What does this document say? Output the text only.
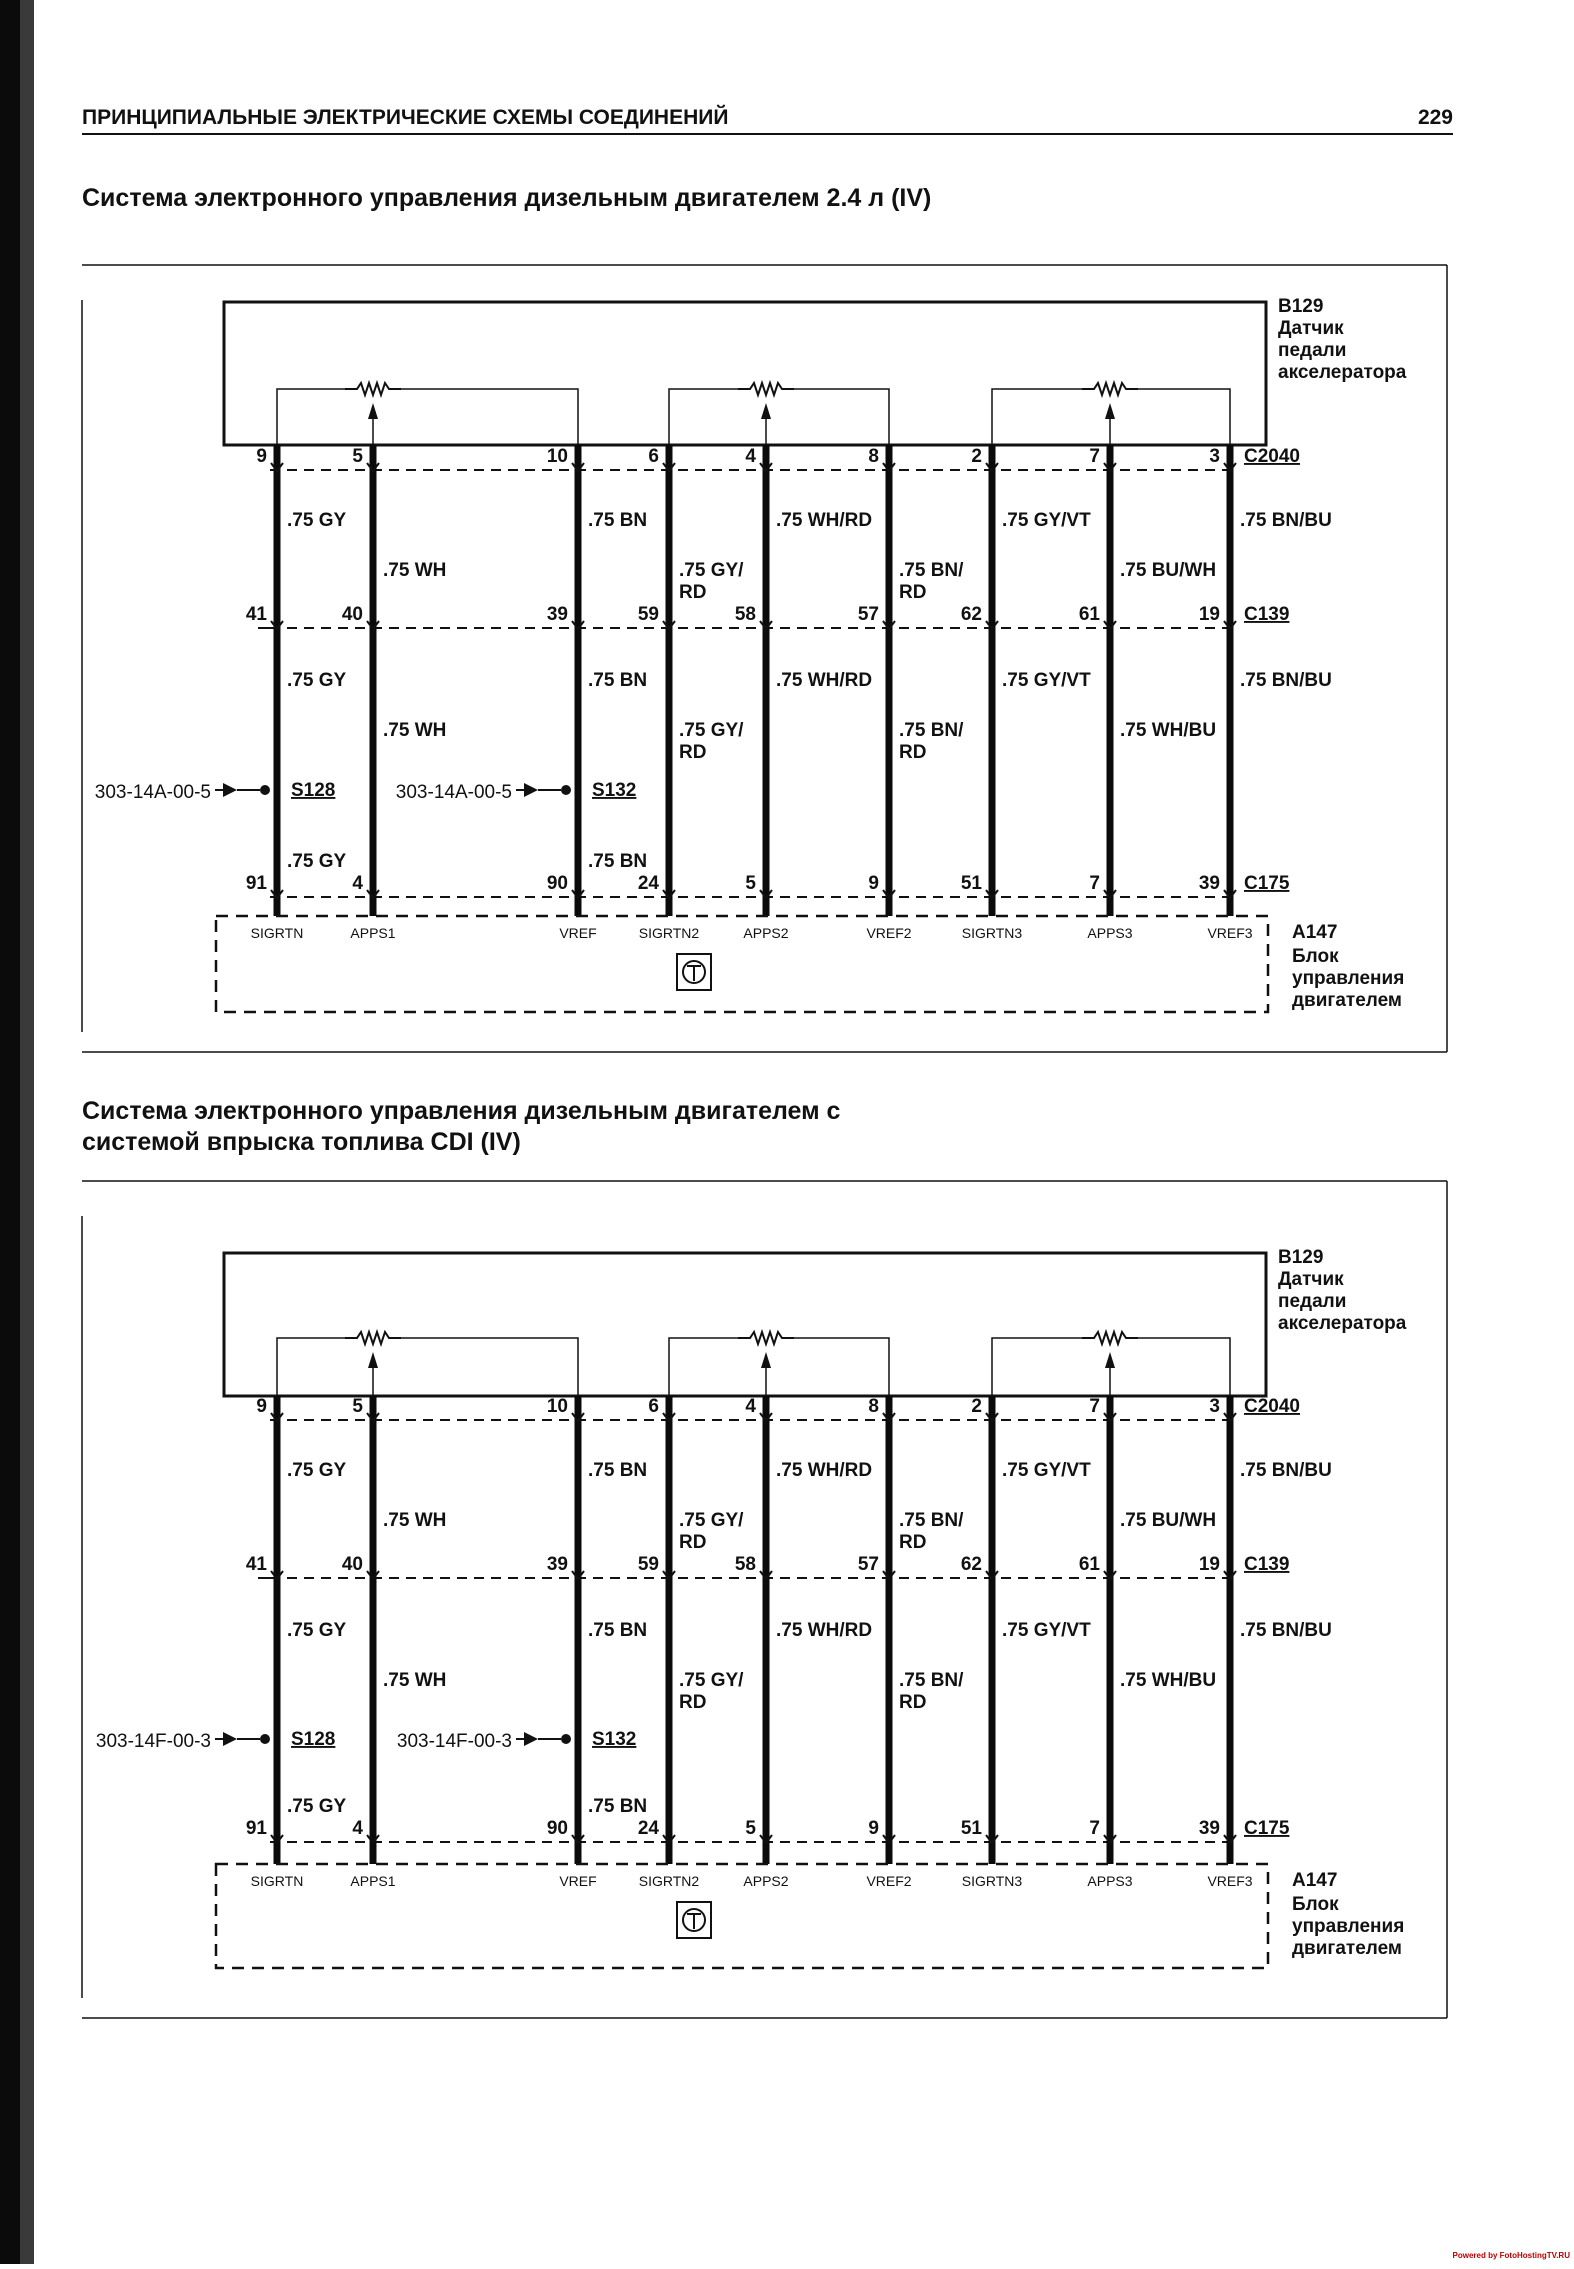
ПРИНЦИПИАЛЬНЫЕ ЭЛЕКТРИЧЕСКИЕ СХЕМЫ СОЕДИНЕНИЙ	229
Система электронного управления дизельным двигателем 2.4 л (IV)
Система электронного управления дизельным двигателем с
системой впрыска топлива CDI (IV)
B129
Датчик
педали
акселератора
C2040
C139
C175
9
41
91
.75 GY
.75 GY
.75 GY
SIGRTN
5
40
4
.75 WH
.75 WH
APPS1
10
39
90
.75 BN
.75 BN
.75 BN
VREF
6
59
24
.75 GY/
RD
.75 GY/
RD
SIGRTN2
4
58
5
.75 WH/RD
.75 WH/RD
APPS2
8
57
9
.75 BN/
RD
.75 BN/
RD
VREF2
2
62
51
.75 GY/VT
.75 GY/VT
SIGRTN3
7
61
7
.75 BU/WH
.75 WH/BU
APPS3
3
19
39
.75 BN/BU
.75 BN/BU
VREF3
S128
303-14A-00-5	S132
303-14A-00-5
A147
Блок
управления
двигателем
B129
Датчик
педали
акселератора
C2040
C139
C175
9
41
91
.75 GY
.75 GY
.75 GY
SIGRTN
5
40
4
.75 WH
.75 WH
APPS1
10
39
90
.75 BN
.75 BN
.75 BN
VREF
6
59
24
.75 GY/
RD
.75 GY/
RD
SIGRTN2
4
58
5
.75 WH/RD
.75 WH/RD
APPS2
8
57
9
.75 BN/
RD
.75 BN/
RD
VREF2
2
62
51
.75 GY/VT
.75 GY/VT
SIGRTN3
7
61
7
.75 BU/WH
.75 WH/BU
APPS3
3
19
39
.75 BN/BU
.75 BN/BU
VREF3
S128
303-14F-00-3	S132
303-14F-00-3
A147
Блок
управления
двигателем
Powered by FotoHostingTV.RU
